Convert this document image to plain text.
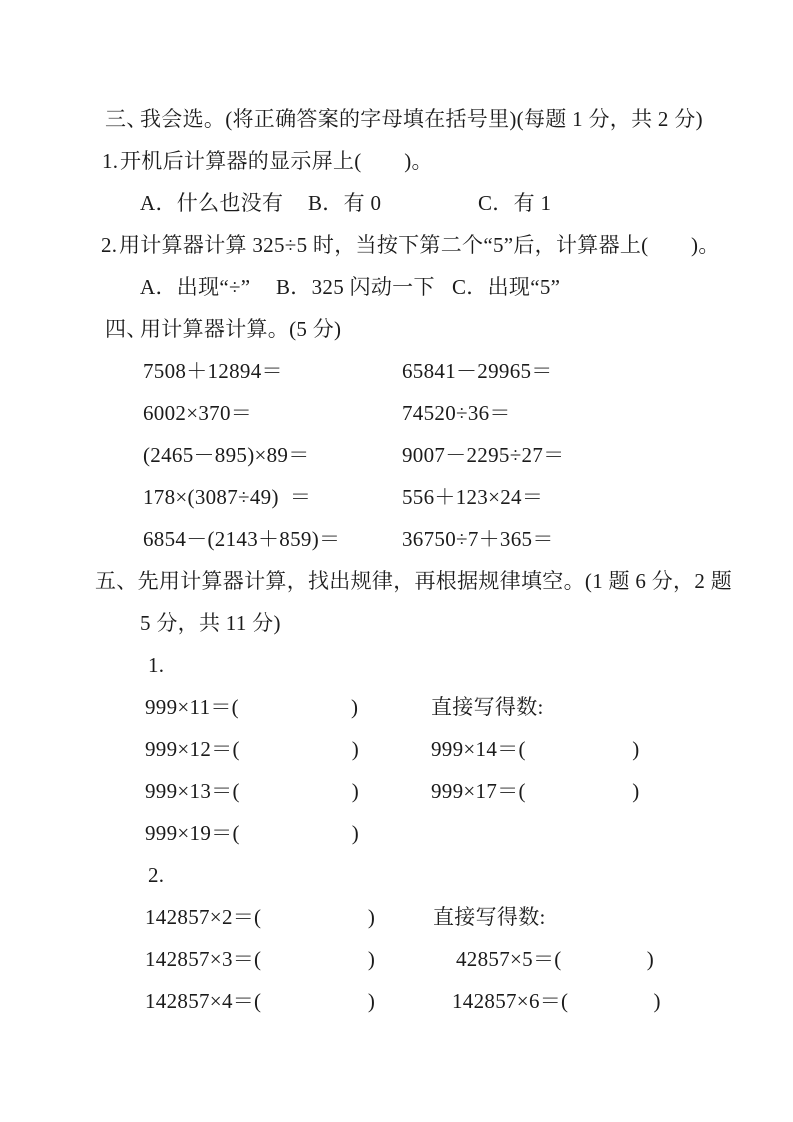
三、
我会选。(将正确答案的字母填在括号里)(每题 1 分，共 2 分)
1. 开机后计算器的显示屏上(　　)。
A．什么也没有 B．有 0	C．有 1
2. 用计算器计算 325÷5 时，当按下第二个“5”后，计算器上(　　)。
A．出现“÷” B．325 闪动一下 C．出现“5”
四、
用计算器计算。(5 分)
7508＋12894＝	65841－29965＝
6002×370＝	74520÷36＝
(2465－895)×89＝	9007－2295÷27＝
178×(3087÷49)  ＝	556＋123×24＝
6854－(2143＋859)＝	36750÷7＋365＝
五、先用计算器计算，找出规律，再根据规律填空。(1 题 6 分，2 题
5 分，共 11 分)
1.
999×11＝(　　　　　 )	直接写得数:
999×12＝(　　　　　 )	999×14＝(　　　　　)
999×13＝(　　　　　 )	999×17＝(　　　　　)
999×19＝(　　　　　 )
2.
142857×2＝(　　　　　)	直接写得数:
142857×3＝(　　　　　)	42857×5＝(　　　　)
142857×4＝(　　　　　)	142857×6＝(　　　　)
